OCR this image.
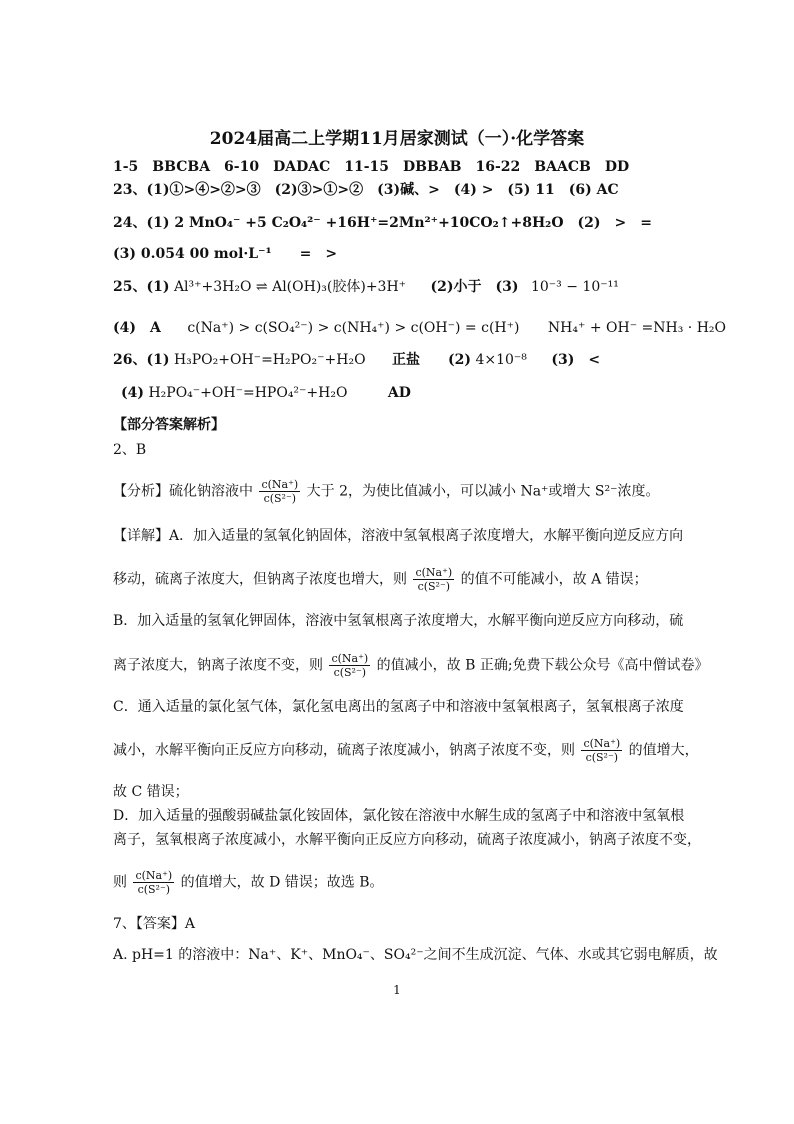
2024届高二上学期11月居家测试（一）·化学答案
1-5　BBCBA　6-10　DADAC　11-15　DBBAB　16-22　BAACB　DD
23、(1)①>④>②>③　(2)③>①>②　(3)碱、>　(4) >　(5) 11　(6) AC
24、(1) 2 MnO₄⁻ +5 C₂O₄²⁻ +16H⁺=2Mn²⁺+10CO₂↑+8H₂O　(2)　>　=
(3) 0.054 00 mol·L⁻¹　　=　>
25、(1) Al³⁺+3H₂O ⇌ Al(OH)₃(胶体)+3H⁺ (2)小于　(3) 10⁻³ − 10⁻¹¹
(4)　A c(Na⁺) > c(SO₄²⁻) > c(NH₄⁺) > c(OH⁻) = c(H⁺) NH₄⁺ + OH⁻ =NH₃ · H₂O
26、(1) H₃PO₂+OH⁻=H₂PO₂⁻+H₂O 正盐　　(2) 4×10⁻⁸ (3)　<
(4) H₂PO₄⁻+OH⁻=HPO₄²⁻+H₂O	AD
【部分答案解析】
2、B
【分析】硫化钠溶液中 $\frac{c(Na^+)}{\text{c(S²⁻)}}$ 大于 2，为使比值减小，可以减小 Na⁺或增大 S²⁻浓度。
【详解】A．加入适量的氢氧化钠固体，溶液中氢氧根离子浓度增大，水解平衡向逆反应方向
移动，硫离子浓度大，但钠离子浓度也增大，则 $\frac{c(Na^+)}{\text{c(S²⁻)}}$ 的值不可能减小，故 A 错误；
B．加入适量的氢氧化钾固体，溶液中氢氧根离子浓度增大，水解平衡向逆反应方向移动，硫
离子浓度大，钠离子浓度不变，则 $\frac{c(Na^+)}{\text{c(S²⁻)}}$ 的值减小，故 B 正确;免费下载公众号《高中僧试卷》
C．通入适量的氯化氢气体，氯化氢电离出的氢离子中和溶液中氢氧根离子，氢氧根离子浓度
减小，水解平衡向正反应方向移动，硫离子浓度减小，钠离子浓度不变，则 $\frac{c(Na^+)}{\text{c(S²⁻)}}$ 的值增大，
故 C 错误；
D．加入适量的强酸弱碱盐氯化铵固体，氯化铵在溶液中水解生成的氢离子中和溶液中氢氧根
离子，氢氧根离子浓度减小，水解平衡向正反应方向移动，硫离子浓度减小，钠离子浓度不变，
则 $\frac{c(Na^+)}{\text{c(S²⁻)}}$ 的值增大，故 D 错误；故选 B。
7、【答案】A
A. pH=1 的溶液中：Na⁺、K⁺、MnO₄⁻、SO₄²⁻之间不生成沉淀、气体、水或其它弱电解质，故
1
